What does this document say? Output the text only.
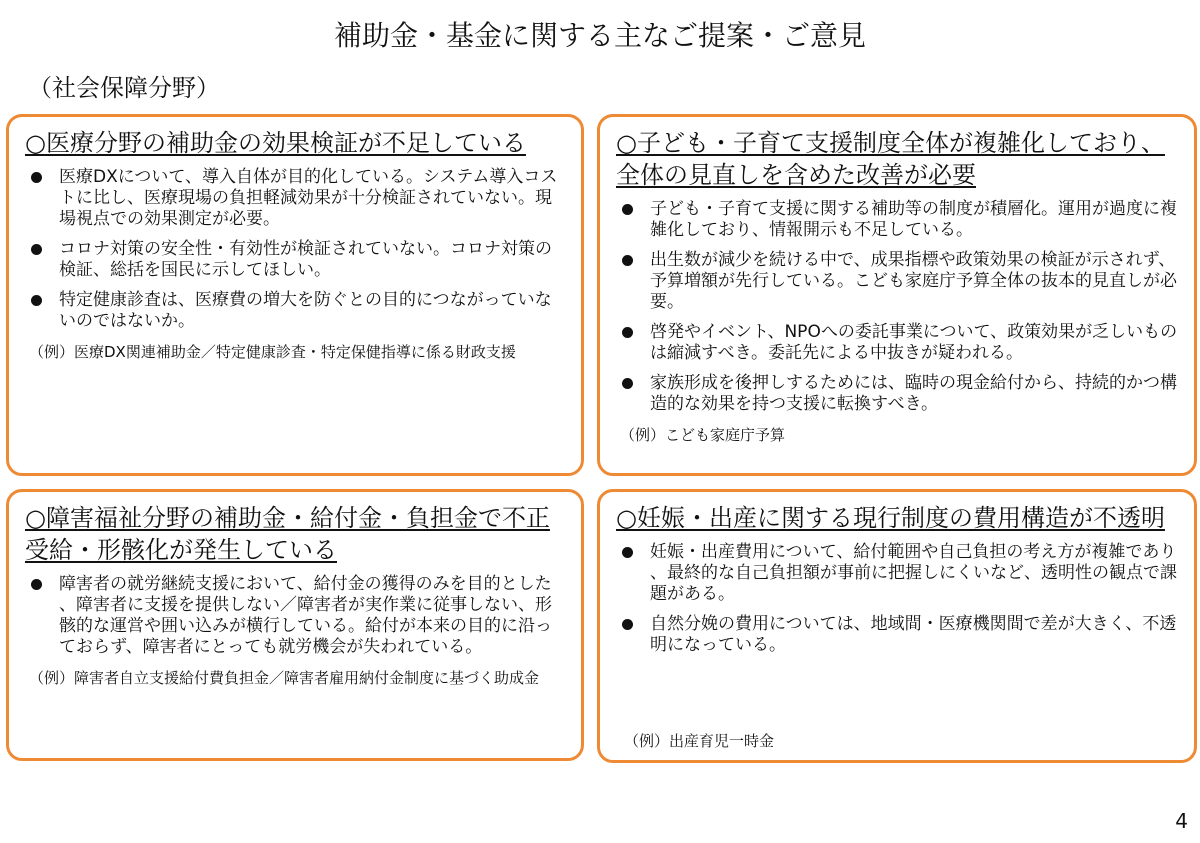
補助金・基金に関する主なご提案・ご意見
（社会保障分野）
○医療分野の補助金の効果検証が不足している
医療DXについて、導入自体が目的化している。システム導入コストに比し、医療現場の負担軽減効果が十分検証されていない。現場視点での効果測定が必要。
コロナ対策の安全性・有効性が検証されていない。コロナ対策の検証、総括を国民に示してほしい。
特定健康診査は、医療費の増大を防ぐとの目的につながっていないのではないか。
（例）医療DX関連補助金／特定健康診査・特定保健指導に係る財政支援
○子ども・子育て支援制度全体が複雑化しており、全体の見直しを含めた改善が必要
子ども・子育て支援に関する補助等の制度が積層化。運用が過度に複雑化しており、情報開示も不足している。
出生数が減少を続ける中で、成果指標や政策効果の検証が示されず、予算増額が先行している。こども家庭庁予算全体の抜本的見直しが必要。
啓発やイベント、NPOへの委託事業について、政策効果が乏しいものは縮減すべき。委託先による中抜きが疑われる。
家族形成を後押しするためには、臨時の現金給付から、持続的かつ構造的な効果を持つ支援に転換すべき。
（例）こども家庭庁予算
○障害福祉分野の補助金・給付金・負担金で不正受給・形骸化が発生している
障害者の就労継続支援において、給付金の獲得のみを目的とした、障害者に支援を提供しない／障害者が実作業に従事しない、形骸的な運営や囲い込みが横行している。給付が本来の目的に沿っておらず、障害者にとっても就労機会が失われている。
（例）障害者自立支援給付費負担金／障害者雇用納付金制度に基づく助成金
○妊娠・出産に関する現行制度の費用構造が不透明
妊娠・出産費用について、給付範囲や自己負担の考え方が複雑であり、最終的な自己負担額が事前に把握しにくいなど、透明性の観点で課題がある。
自然分娩の費用については、地域間・医療機関間で差が大きく、不透明になっている。
（例）出産育児一時金
4
